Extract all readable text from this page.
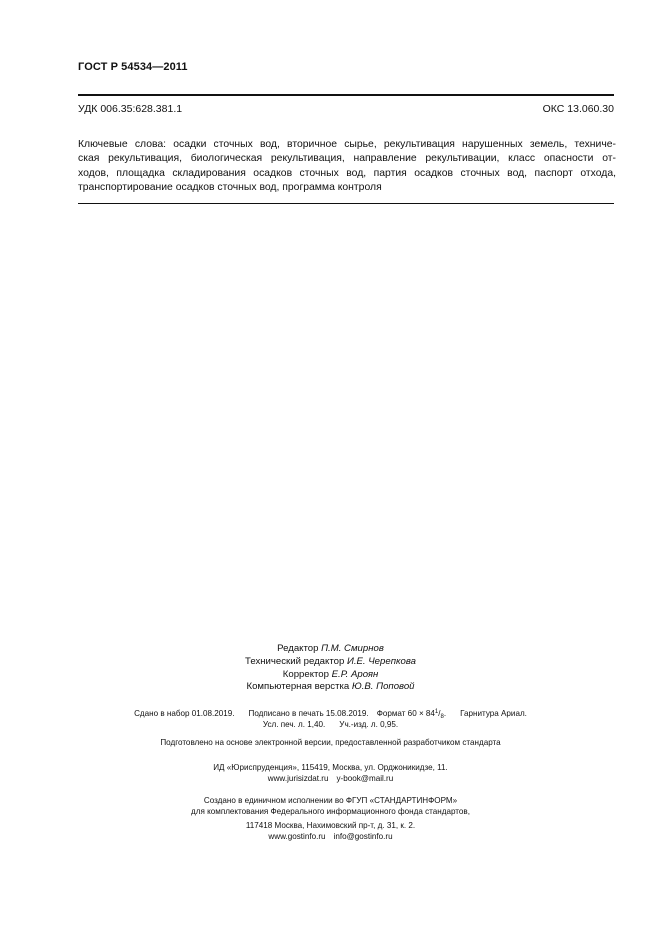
ГОСТ Р 54534—2011
УДК 006.35:628.381.1	ОКС 13.060.30
Ключевые слова: осадки сточных вод, вторичное сырье, рекультивация нарушенных земель, техниче-
ская рекультивация, биологическая рекультивация, направление рекультивации, класс опасности от-
ходов, площадка складирования осадков сточных вод, партия осадков сточных вод, паспорт отхода,
транспортирование осадков сточных вод, программа контроля
Редактор П.М. Смирнов
Технический редактор И.Е. Черепкова
Корректор Е.Р. Ароян
Компьютерная верстка Ю.В. Поповой
Сдано в набор 01.08.2019. Подписано в печать 15.08.2019. Формат $60 \times 84^1/_8$. Гарнитура Ариал.
Усл. печ. л. 1,40. Уч.-изд. л. 0,95.
Подготовлено на основе электронной версии, предоставленной разработчиком стандарта
ИД «Юриспруденция», 115419, Москва, ул. Орджоникидзе, 11.
www.jurisizdat.ru y-book@mail.ru
Создано в единичном исполнении во ФГУП «СТАНДАРТИНФОРМ»
для комплектования Федерального информационного фонда стандартов,
117418 Москва, Нахимовский пр-т, д. 31, к. 2.
www.gostinfo.ru info@gostinfo.ru
